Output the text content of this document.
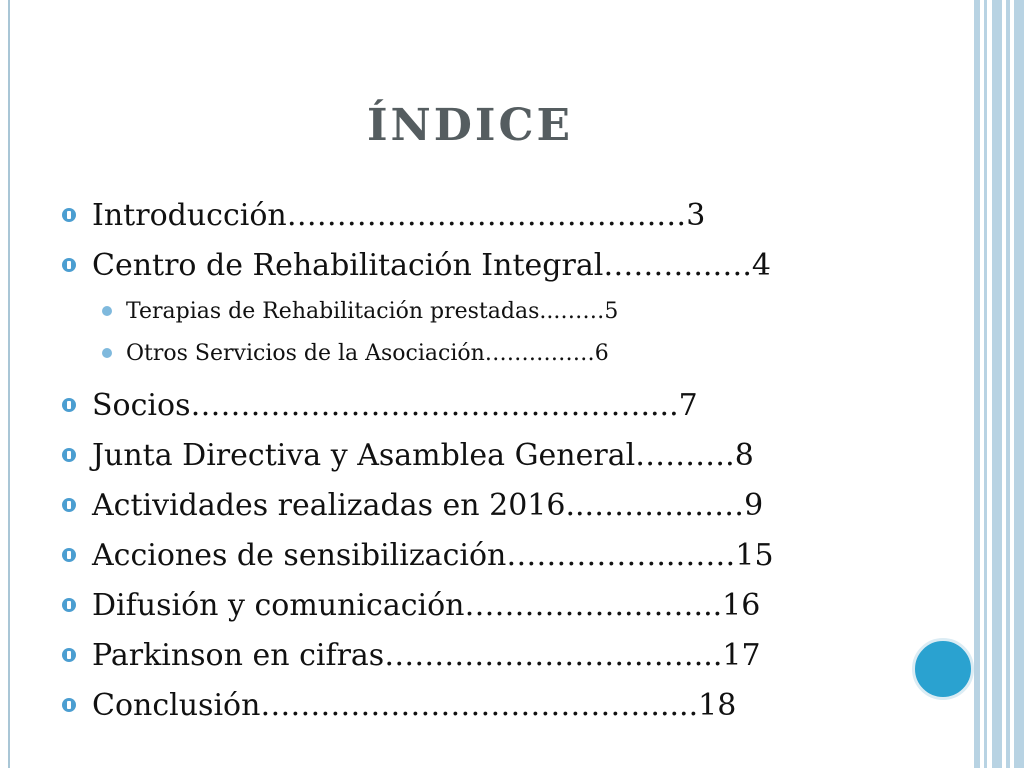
ÍNDICE
Introducción……………………………….…3
Centro de Rehabilitación Integral………..….4
Terapias de Rehabilitación prestadas...……5
Otros Servicios de la Asociación……………6
Socios………………………………………....7
Junta Directiva y Asamblea General……….8
Actividades realizadas en 2016...……………9
Acciones de sensibilización……………..……15
Difusión y comunicación……………..……...16
Parkinson en cifras…………………….……...17
Conclusión………………………………….....18
